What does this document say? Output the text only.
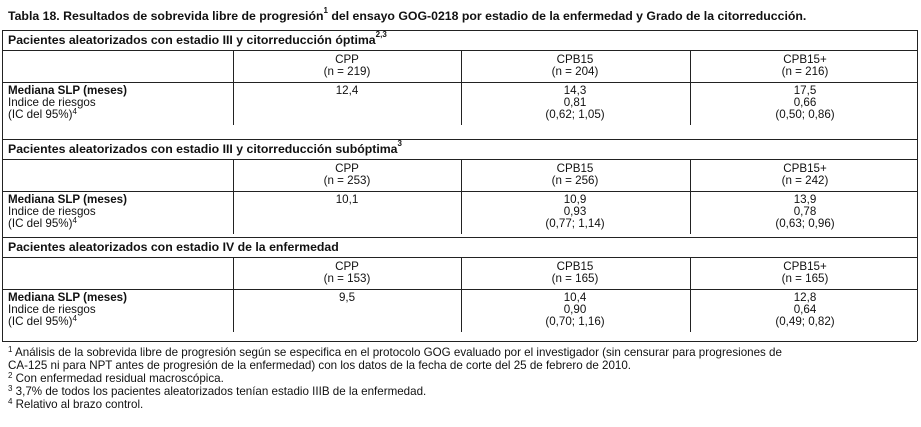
Tabla 18. Resultados de sobrevida libre de progresión$^1$ del ensayo GOG-0218 por estadio de la enfermedad y Grado de la citorreducción.
Pacientes aleatorizados con estadio III y citorreducción óptima$^{2,3}$
Mediana SLP (meses)
Indice de riesgos
(IC del 95%)$^4$
CPP
(n = 219)
12,4
CPB15
(n = 204)
14,3
0,81
(0,62; 1,05)
CPB15+
(n = 216)
17,5
0,66
(0,50; 0,86)
Pacientes aleatorizados con estadio III y citorreducción subóptima$^3$
Mediana SLP (meses)
Indice de riesgos
(IC del 95%)$^4$
CPP
(n = 253)
10,1
CPB15
(n = 256)
10,9
0,93
(0,77; 1,14)
CPB15+
(n = 242)
13,9
0,78
(0,63; 0,96)
Pacientes aleatorizados con estadio IV de la enfermedad
Mediana SLP (meses)
Indice de riesgos
(IC del 95%)$^4$
CPP
(n = 153)
9,5
CPB15
(n = 165)
10,4
0,90
(0,70; 1,16)
CPB15+
(n = 165)
12,8
0,64
(0,49; 0,82)
$^1$ Análisis de la sobrevida libre de progresión según se especifica en el protocolo GOG evaluado por el investigador (sin censurar para progresiones de
CA-125 ni para NPT antes de progresión de la enfermedad) con los datos de la fecha de corte del 25 de febrero de 2010.
$^2$ Con enfermedad residual macroscópica.
$^3$ 3,7% de todos los pacientes aleatorizados tenían estadio IIIB de la enfermedad.
$^4$ Relativo al brazo control.
